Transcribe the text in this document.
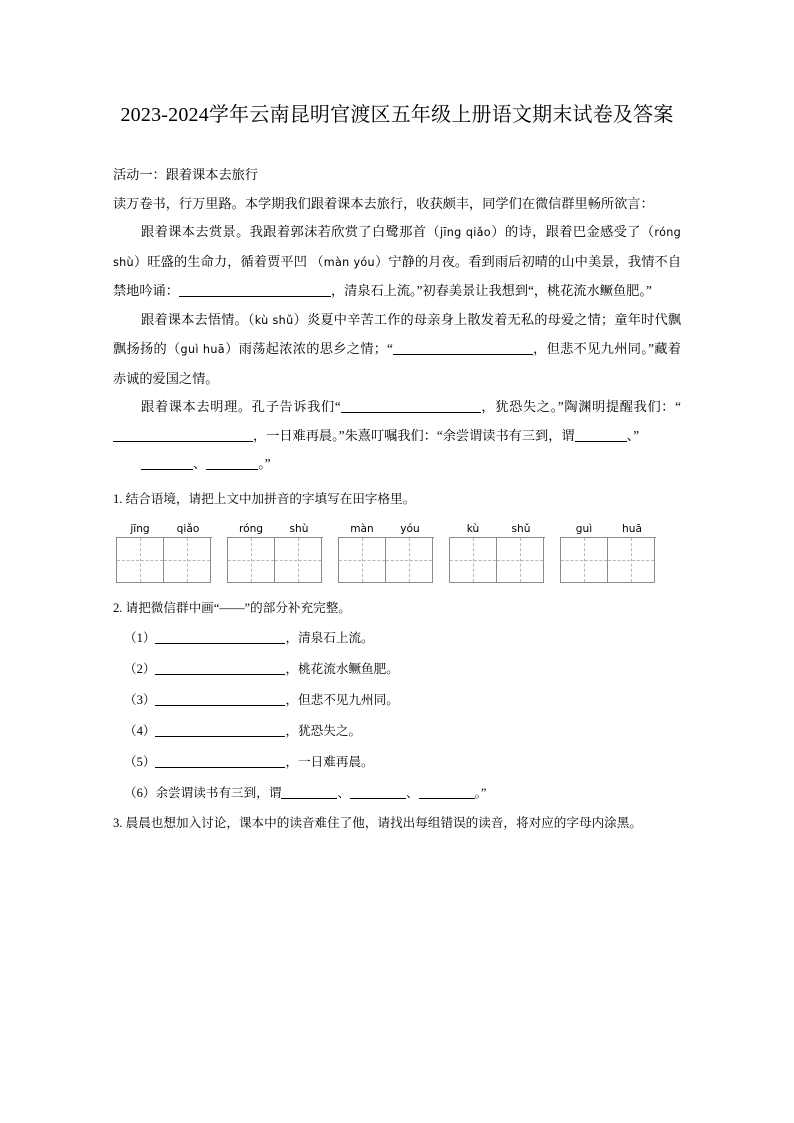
2023-2024学年云南昆明官渡区五年级上册语文期末试卷及答案

活动一：跟着课本去旅行

读万卷书，行万里路。本学期我们跟着课本去旅行，收获颇丰，同学们在微信群里畅所欲言：

跟着课本去赏景。我跟着郭沫若欣赏了白鹭那首（jīng qiǎo）的诗，跟着巴金感受了（róng shù）旺盛的生命力，循着贾平凹 （màn yóu）宁静的月夜。看到雨后初晴的山中美景，我情不自禁地吟诵：	，清泉石上流。”初春美景让我想到“，桃花流水鳜鱼肥。”

跟着课本去悟情。（kù shǔ）炎夏中辛苦工作的母亲身上散发着无私的母爱之情；童年时代飘飘扬扬的（guì huā）雨荡起浓浓的思乡之情；“	，但悲不见九州同。”藏着赤诚的爱国之情。

跟着课本去明理。孔子告诉我们“	，犹恐失之。”陶渊明提醒我们：“，一日难再晨。”朱熹叮嘱我们：“余尝谓读书有三到，谓	、”

、	。”

1. 结合语境，请把上文中加拼音的字填写在田字格里。

jīng	qiǎo	róng	shù	màn	yóu	kù	shǔ	guì	huā

2. 请把微信群中画“——”的部分补充完整。

（1）	，清泉石上流。

（2）	，桃花流水鳜鱼肥。

（3）	，但悲不见九州同。

（4）	，犹恐失之。

（5）	，一日难再晨。

（6）余尝谓读书有三到，谓	、	、	。”

3. 晨晨也想加入讨论，课本中的读音难住了他，请找出每组错误的读音，将对应的字母内涂黑。
